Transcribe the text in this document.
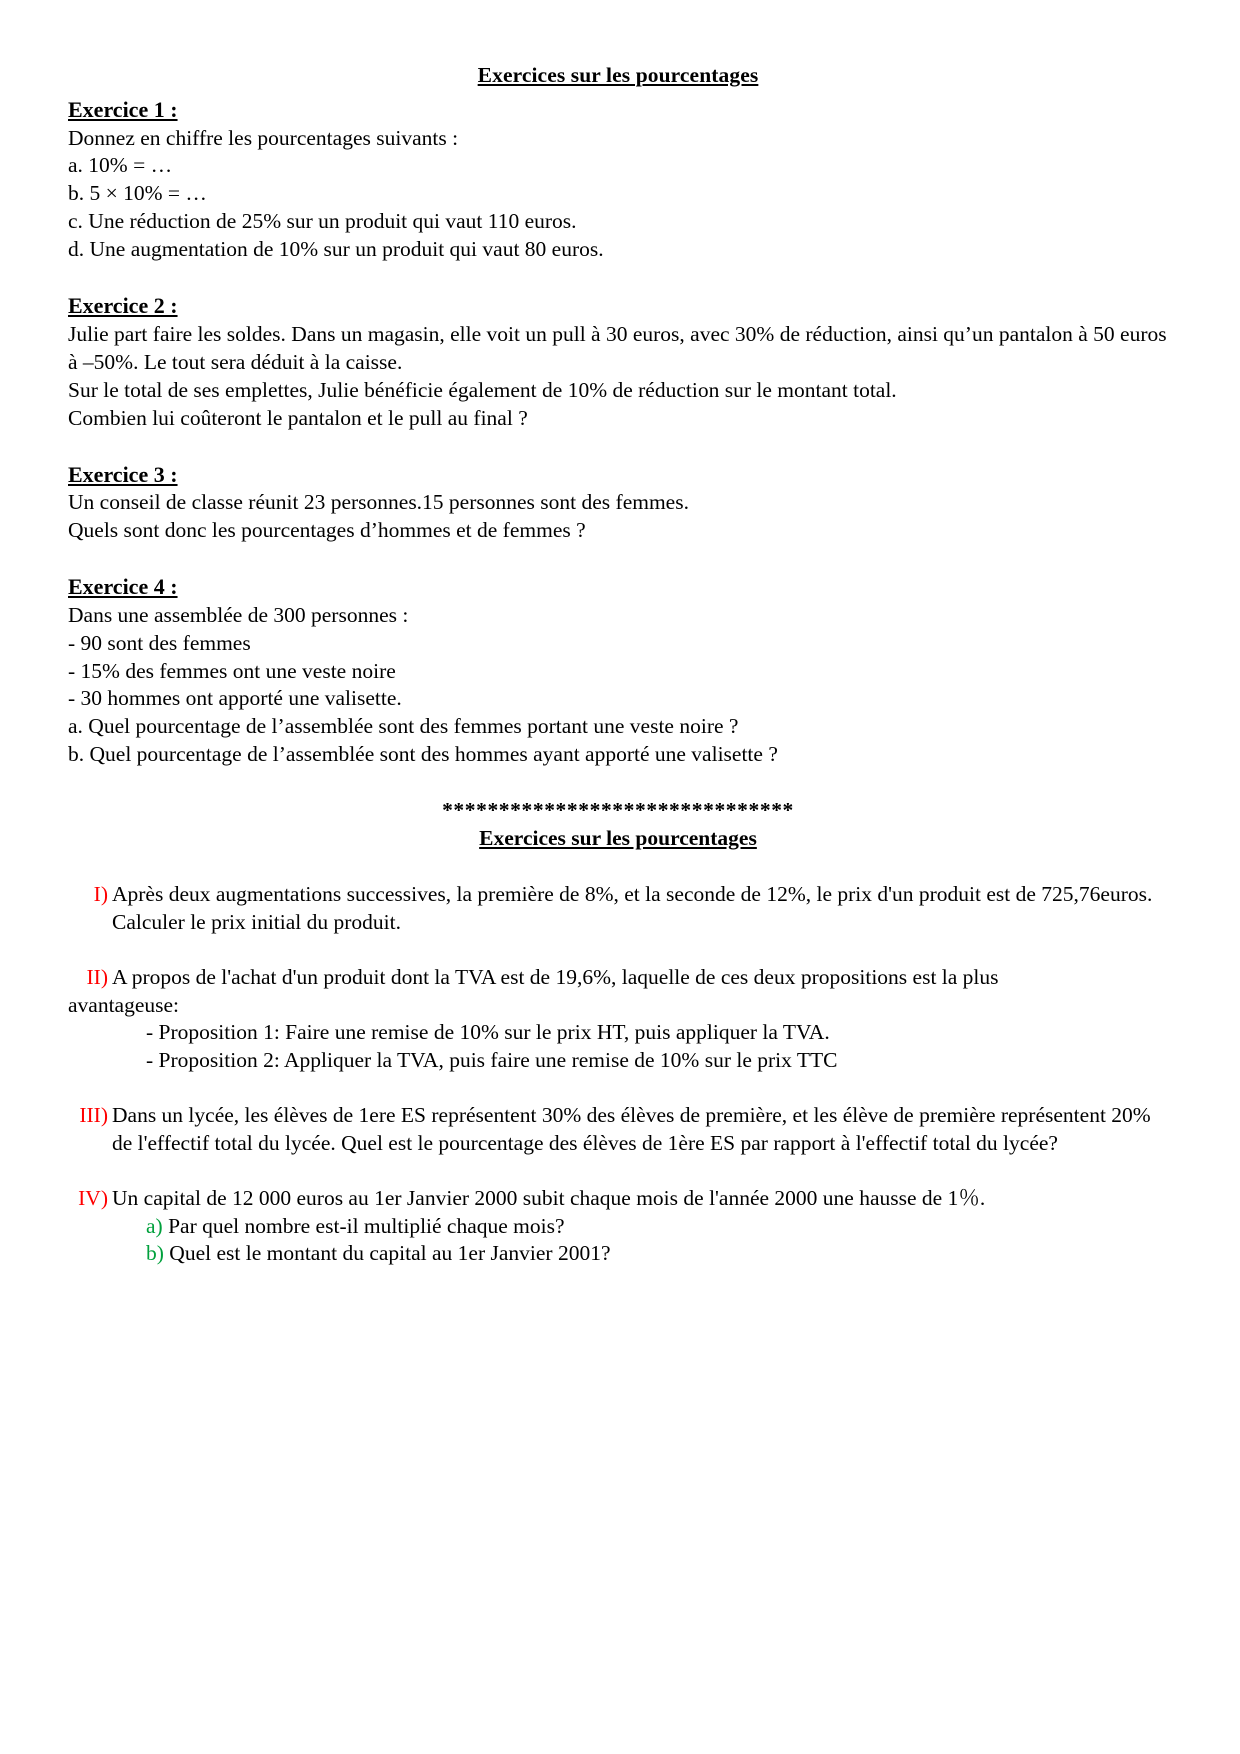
Exercices sur les pourcentages
Exercice 1 :

Donnez en chiffre les pourcentages suivants :

a. 10% = …

b. 5 × 10% = …

c. Une réduction de 25% sur un produit qui vaut 110 euros.

d. Une augmentation de 10% sur un produit qui vaut 80 euros.

Exercice 2 :

Julie part faire les soldes. Dans un magasin, elle voit un pull à 30 euros, avec 30% de réduction, ainsi qu’un pantalon à 50 euros à –50%. Le tout sera déduit à la caisse.

Sur le total de ses emplettes, Julie bénéficie également de 10% de réduction sur le montant total.

Combien lui coûteront le pantalon et le pull au final ?

Exercice 3 :

Un conseil de classe réunit 23 personnes.15 personnes sont des femmes.

Quels sont donc les pourcentages d’hommes et de femmes ?

Exercice 4 :

Dans une assemblée de 300 personnes :

- 90 sont des femmes

- 15% des femmes ont une veste noire

- 30 hommes ont apporté une valisette.

a. Quel pourcentage de l’assemblée sont des femmes portant une veste noire ?

b. Quel pourcentage de l’assemblée sont des hommes ayant apporté une valisette ?

*******************************

Exercices sur les pourcentages
I) Après deux augmentations successives, la première de 8%, et la seconde de 12%, le prix d'un produit est de 725,76euros. Calculer le prix initial du produit.
II) A propos de l'achat d'un produit dont la TVA est de 19,6%, laquelle de ces deux propositions est la plus
avantageuse:
- Proposition 1: Faire une remise de 10% sur le prix HT, puis appliquer la TVA.
- Proposition 2: Appliquer la TVA, puis faire une remise de 10% sur le prix TTC
III) Dans un lycée, les élèves de 1ere ES représentent 30% des élèves de première, et les élève de première représentent 20% de l'effectif total du lycée. Quel est le pourcentage des élèves de 1ère ES par rapport à l'effectif total du lycée?
IV) Un capital de 12 000 euros au 1er Janvier 2000 subit chaque mois de l'année 2000 une hausse de 1％.
a) Par quel nombre est-il multiplié chaque mois?
b) Quel est le montant du capital au 1er Janvier 2001?
